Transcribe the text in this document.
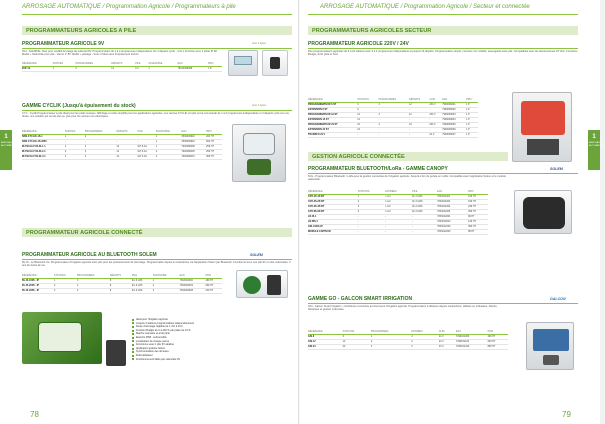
ARROSAGE AUTOMATIQUE / Programmation Agricole / Programmateurs à pile
1
ARROSAGE AUTOMATIQUE
PROGRAMMATEURS AGRICOLES A PILE
PROGRAMMATEUR AGRICOLE 9V	Avec 9 lignes
9V4 - Solu9Pille. Stop pour modifié Arrosage de solénoïd 9V. Programmation de 1 à 2 programmes indépendants. De 4 départs cycle - mini 1 Fonction sous 1 pilote IP 68 Model + Solénoïde pour pile - Vanne 1" 8h. Model + pilotage - Sous 3 Mois sans fil ajustement fournis
RÉFÉRENCE	SORTIES	PROGRAMMES	DÉPARTS	PILE	SOLÉNOÏDE	EAN	PRIX
9VP-1A	1	2	12	9 V	1	78010099998	1 P
GAMME CYCLIK (Jusqu'à épuisement du stock)	Avec 4 lignes
CYC - Cyclik Programmateur à pile Ideal pour les petits réseaux. Affichage et code simplifié pour les applications agricoles. Les vannes CYCLIK ont pile ont la commande de 1 à 2 programmes indépendants et 4 départs cycle sur une durée, une solution qui est de plus en plus pour les vannes non électriques.
RÉFÉRENCE	SORTIES	PROGRAMMES	DÉPARTS	PILE	SOLÉNOÏDE	EAN	PRIX
SDN-CYCLIK-1S-1	1	2	-	-	1	3530009918	200 HT
SDN-CYCLIK-1S-2000	-	-	-	-	1	3530009918	500 HT
IR-TECH-CYCLIK-1-1	2	4	12	9V/ 6 AA	1	7902080008	259 HT
IR-TECH-CYCLIK-2-1	2	4	12	9V/ 6 AA	2	7902080025	259 HT
IR-TECH-CYCLIK-4-1	4	4	12	9V/ 6 AA	4	7902080007	359 HT
PROGRAMMATEUR AGRICOLE CONNECTÉ
PROGRAMMATEUR AGRICOLE AU BLUETOOTH SOLEM	SOLEM
BL-IS - Le Bluetooth vie. Programmateur d'irrigation agricole sans pile pour les professionnels de l'arrosage. Programmable depuis le smartphone via l'application Solem par Bluetooth. Fonctionne avec une pile 9V ou des solénoïdes, 3 ans de durée de vie.
RÉFÉRENCE	STATIONS	PROGRAMMES	DÉPARTS	PILE	SOLÉNOÏDE	EAN	PRIX
BL-IS-100S - IP	1	3	8	9m 9 LR6	1	7833004300	189 HT
BL-IS-200S - IP	2	4	8	9m 9 LR6	2	7833004304	259 HT
BL-IS-400S - IP	4	4	8	9m 9 LR6	4	7833004308	319 HT
Idéal pour l'irrigation agricole
Jusqu'à 4 stations programmables indépendamment
Durée d'arrosage réglable de 1 min à 24 h
Fonction Budget de 0 à 200 % par palier de 10 %
Marche manuelle et arrêt pluie
Etanche IP68 - submersible
Localisation de chaque vanne
Fonctionne avec 1 pile 9V alcaline
Application gratuite Solem
Synchronisation des données
Multi-utilisateur
Fonctionnement fiable par solénoïde 9V
78
ARROSAGE AUTOMATIQUE / Programmation Agricole / Secteur et connectée
1
ARROSAGE AUTOMATIQUE
PROGRAMMATEURS AGRICOLES SECTEUR
PROGRAMMATEUR AGRICOLE 220V / 24V
Des programmateurs agricoles de 6 à 24 stations avec 2 à 4 programmes indépendants et jusqu'à 16 départs. Programmation simple, mémoire non volatile, sauvegarde sans pile. Compatibles avec les électrovannes 24 VAC. Fonctions Budget, Arrêt pluie et Test.
RÉFÉRENCE	STATIONS	PROGRAMMES	DÉPARTS	ALIM.	EAN	PRIX
PROGRAMMATEUR 6 ST	6	3	12	230 V	7900009001	1 P
EXTENSION 6 ST	6	-	-	-	7900009002	1 P
PROGRAMMATEUR 12 ST	12	3	12	230 V	7900009003	1 P
EXTENSION 12 ST	12	-	-	-	7900009004	1 P
PROGRAMMATEUR 24 ST	24	4	16	230 V	7900009005	1 P
EXTENSION 24 ST	24	-	-	-	7900009006	1 P
TRANSFO 24 V	-	-	-	24 V	7900009007	1 P
GESTION AGRICOLE CONNECTÉE
PROGRAMMATEUR BLUETOOTH/LoRa - GAMME CANOPY	SOLEM
SOL - Programmateur Bluetooth / LoRa pour la gestion connectée de l'irrigation agricole. Jusqu'à 2 km de portée en LoRa. Compatible avec l'application Solem et le module passerelle.
RÉFÉRENCE	STATIONS	ENTRÉES	PILE	EAN	PRIX
CNY-1S-1P-BT	1	1 1/2	9m 9 LR6	7833011001	159 HT
CNY-2S-2P-BT	2	1 1/2	9m 9 LR6	7833011002	199 HT
CNY-4S-4P-BT	4	1 1/2	9m 9 LR6	7833011004	249 HT
CNY-6S-6P-BT	6	1 1/2	9m 9 LR6	7833011006	299 HT
LR-IS-1	-	-	-	7833012001	99 HT
LR-MS-4	-	-	-	7833012004	149 HT
GW-LORA-IP	-	-	-	7833012100	399 HT
MODULE CAPTEUR	-	-	-	7833012200	89 HT
GAMME GO - GALCON SMART IRRIGATION	GALCON
GSI - Galcon Smart Irrigation : contrôleurs connectés au cloud pour l'irrigation agricole. Programmation à distance depuis smartphone, tablette ou ordinateur. Alertes, historique et gestion multi-sites.
RÉFÉRENCE	STATIONS	PROGRAMMES	ENTRÉES	ALIM.	EAN	PRIX
GSI-6	6	4	2	24 V	7290101060	499 HT
GSI-12	12	4	2	24 V	7290101120	649 HT
GSI-24	24	4	2	24 V	7290101240	899 HT
79
